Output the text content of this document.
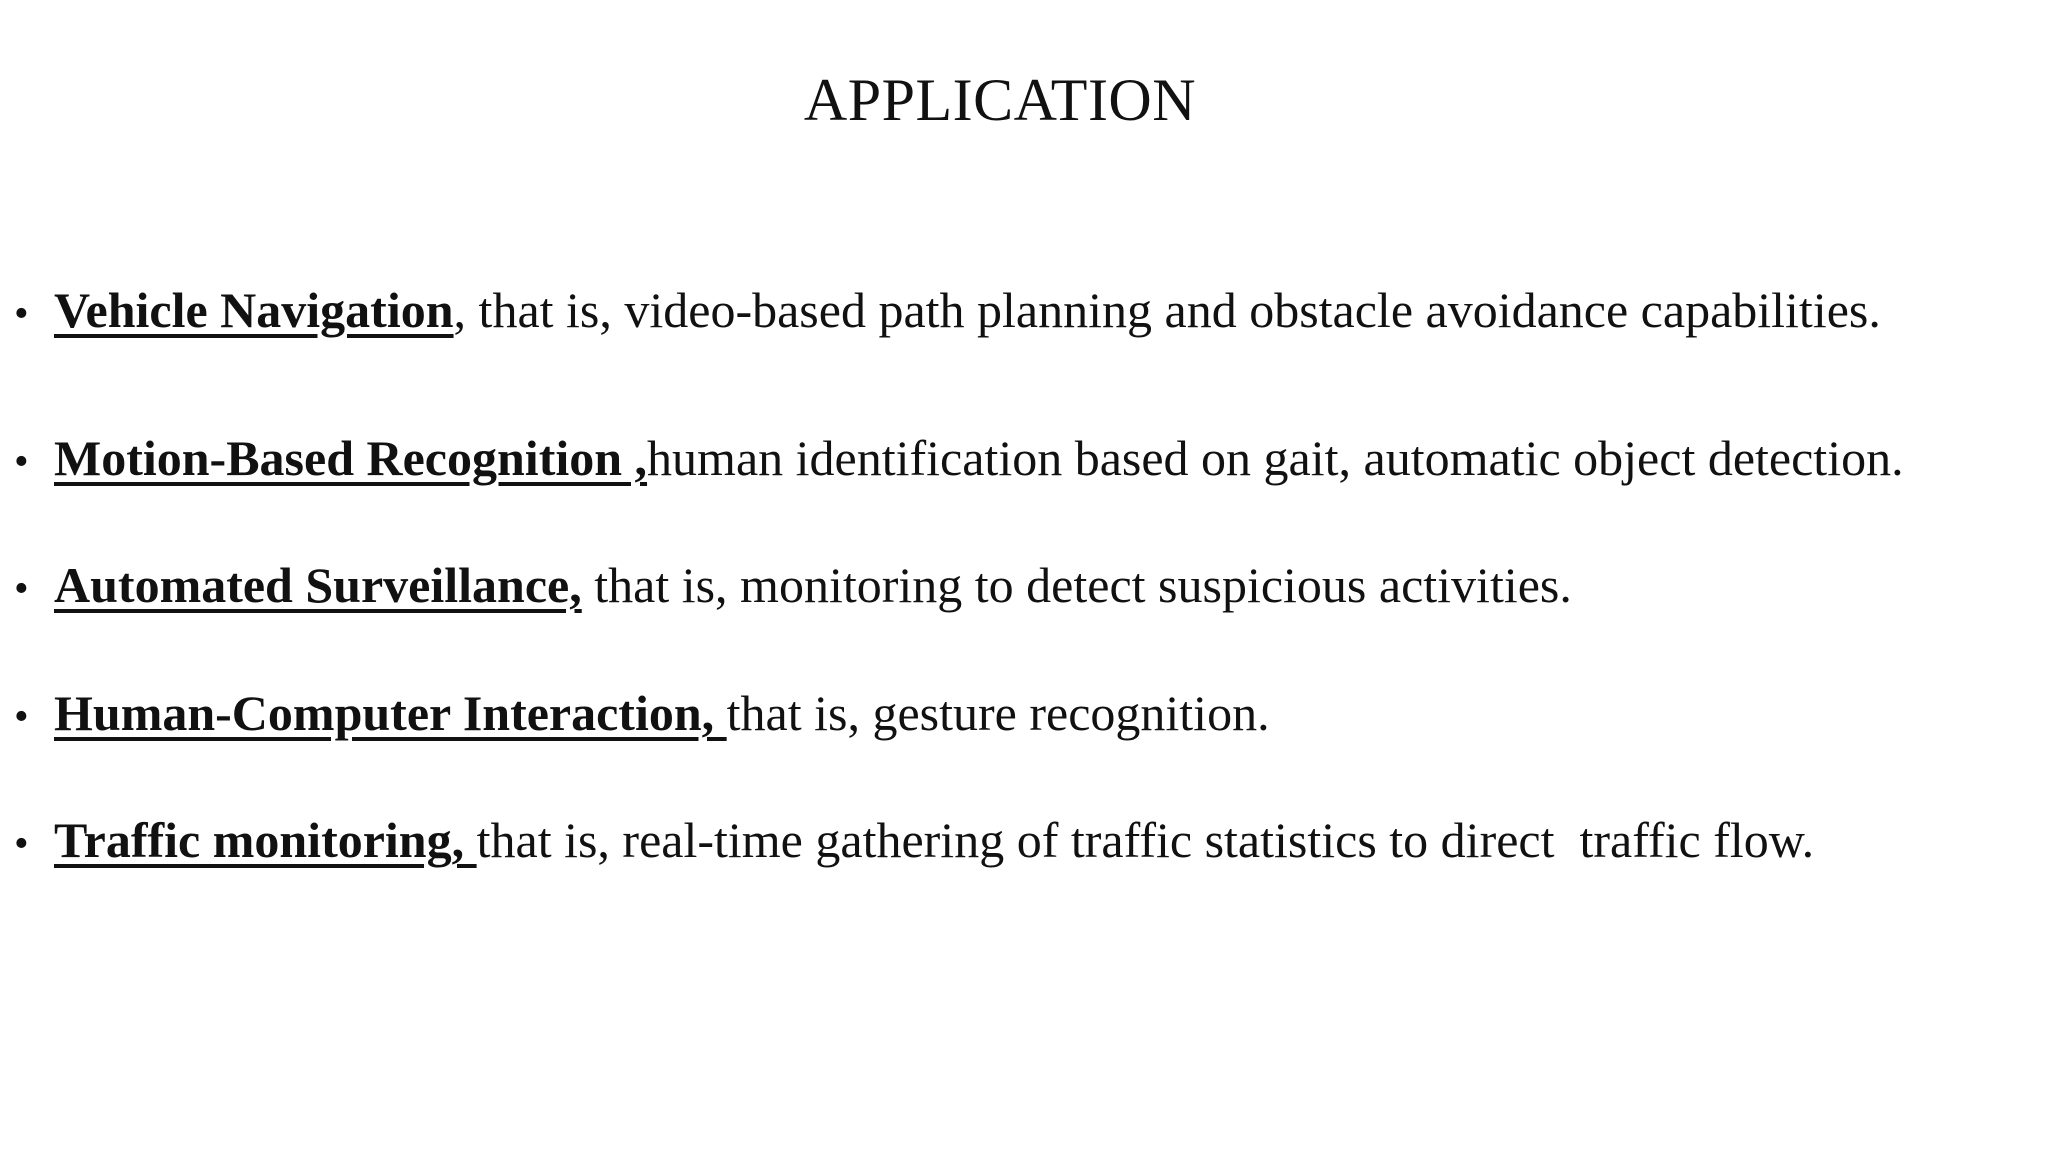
APPLICATION
• Vehicle Navigation, that is, video-based path planning and obstacle avoidance capabilities.
• Motion-Based Recognition ,human identification based on gait, automatic object detection.
• Automated Surveillance, that is, monitoring to detect suspicious activities.
• Human-Computer Interaction, that is, gesture recognition.
• Traffic monitoring, that is, real-time gathering of traffic statistics to direct  traffic flow.
